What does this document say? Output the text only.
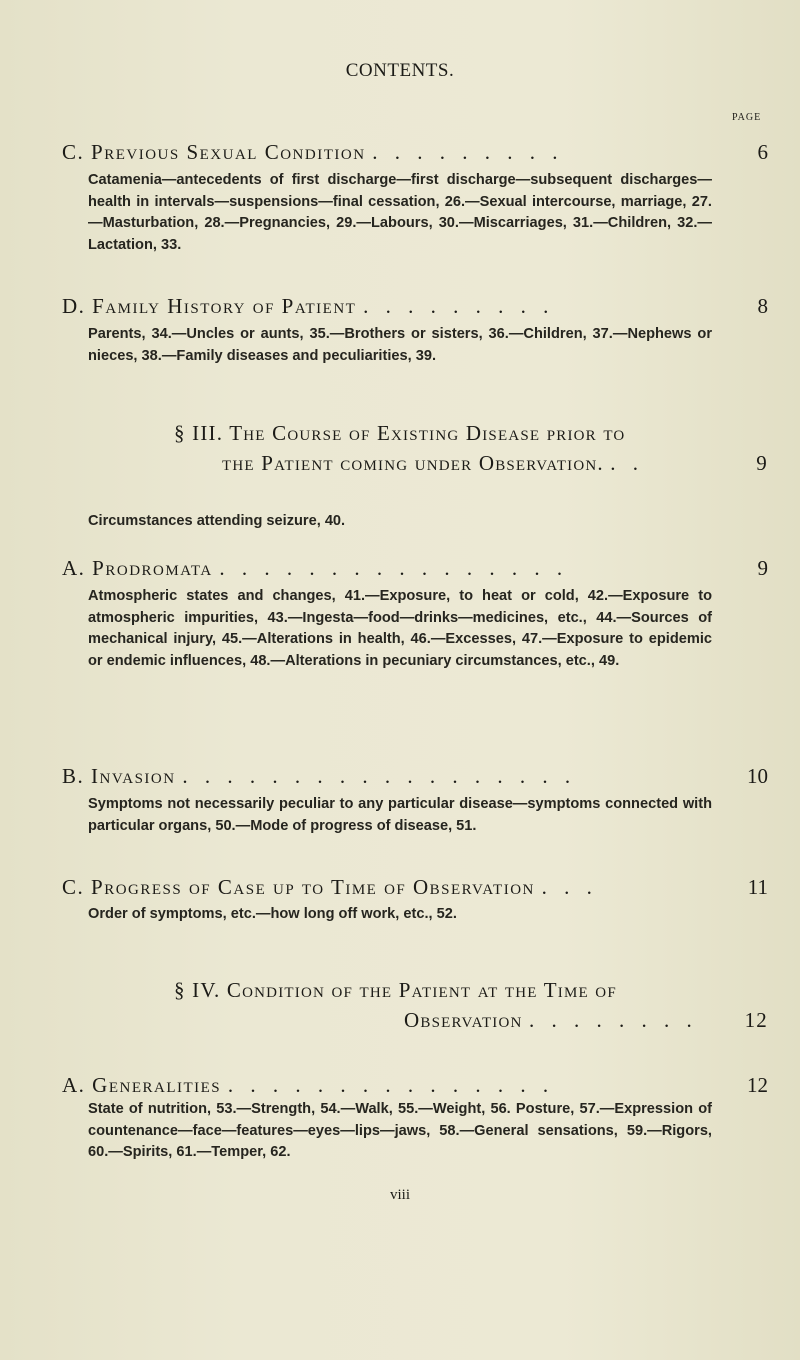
CONTENTS.
PAGE
C. Previous Sexual Condition . . . . . . . . .	6
Catamenia—antecedents of first discharge—first discharge—subsequent discharges—health in intervals—suspensions—final cessation, 26.—Sexual intercourse, marriage, 27.—Masturbation, 28.—Pregnancies, 29.—Labours, 30.—Miscarriages, 31.—Children, 32.—Lactation, 33.
D. Family History of Patient . . . . . . . . .	8
Parents, 34.—Uncles or aunts, 35.—Brothers or sisters, 36.—Children, 37.—Nephews or nieces, 38.—Family diseases and peculiarities, 39.
§ III. The Course of Existing Disease prior to
the Patient coming under Observation. . .	9
Circumstances attending seizure, 40.
A. Prodromata . . . . . . . . . . . . . . . .	9
Atmospheric states and changes, 41.—Exposure, to heat or cold, 42.—Exposure to atmospheric impurities, 43.—Ingesta—food—drinks—medicines, etc., 44.—Sources of mechanical injury, 45.—Alterations in health, 46.—Excesses, 47.—Exposure to epidemic or endemic influences, 48.—Alterations in pecuniary circumstances, etc., 49.
B. Invasion . . . . . . . . . . . . . . . . . .	10
Symptoms not necessarily peculiar to any particular disease—symptoms connected with particular organs, 50.—Mode of progress of disease, 51.
C. Progress of Case up to Time of Observation . . .	11
Order of symptoms, etc.—how long off work, etc., 52.
§ IV. Condition of the Patient at the Time of
Observation . . . . . . . . 12
A. Generalities . . . . . . . . . . . . . . .	12
State of nutrition, 53.—Strength, 54.—Walk, 55.—Weight, 56. Posture, 57.—Expression of countenance—face—features—eyes—lips—jaws, 58.—General sensations, 59.—Rigors, 60.—Spirits, 61.—Temper, 62.
viii
